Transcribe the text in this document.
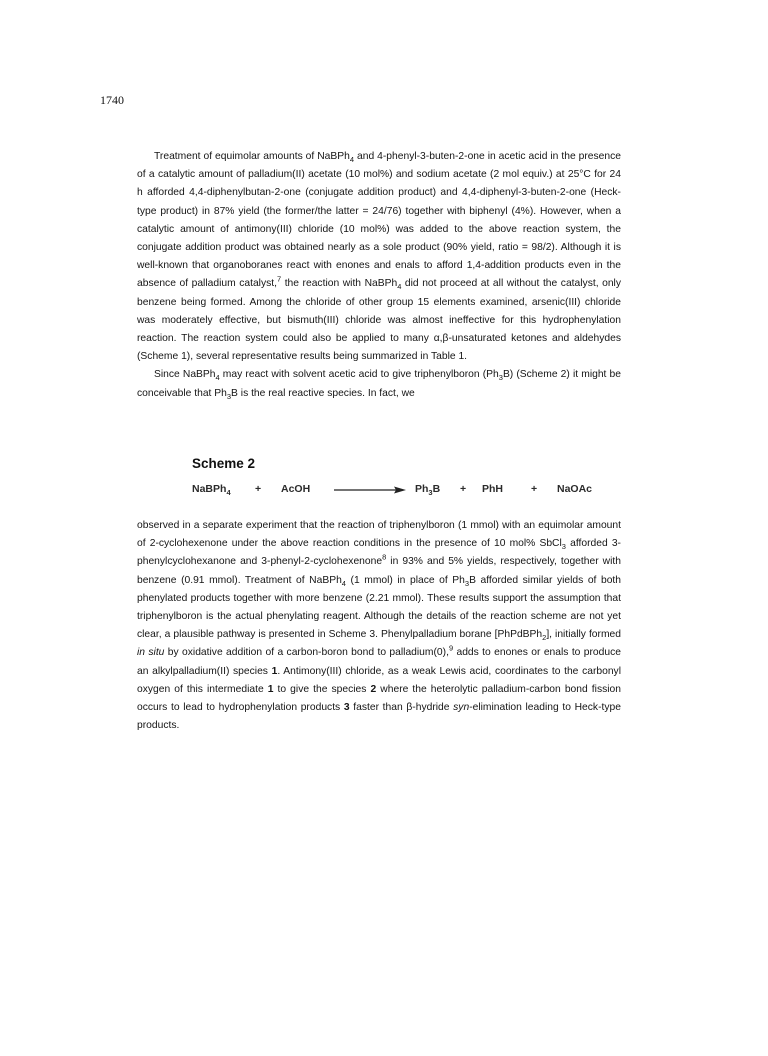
1740

Treatment of equimolar amounts of NaBPh$_4$ and 4-phenyl-3-buten-2-one in acetic acid in the presence of a catalytic amount of palladium(II) acetate (10 mol%) and sodium acetate (2 mol equiv.) at 25°C for 24 h afforded 4,4-diphenylbutan-2-one (conjugate addition product) and 4,4-diphenyl-3-buten-2-one (Heck-type product) in 87% yield (the former/the latter = 24/76) together with biphenyl (4%). However, when a catalytic amount of antimony(III) chloride (10 mol%) was added to the above reaction system, the conjugate addition product was obtained nearly as a sole product (90% yield, ratio = 98/2). Although it is well-known that organoboranes react with enones and enals to afford 1,4-addition products even in the absence of palladium catalyst,$^7$ the reaction with NaBPh$_4$ did not proceed at all without the catalyst, only benzene being formed. Among the chloride of other group 15 elements examined, arsenic(III) chloride was moderately effective, but bismuth(III) chloride was almost ineffective for this hydrophenylation reaction. The reaction system could also be applied to many α,β-unsaturated ketones and aldehydes (Scheme 1), several representative results being summarized in Table 1.

Since NaBPh$_4$ may react with solvent acetic acid to give triphenylboron $(Ph_3B)$ (Scheme 2) it might be conceivable that $Ph_3B$ is the real reactive species. In fact, we

Scheme 2
NaBPh$_4$ + AcOH	$Ph_3B$ + PhH	+ NaOAc

observed in a separate experiment that the reaction of triphenylboron (1 mmol) with an equimolar amount of 2-cyclohexenone under the above reaction conditions in the presence of 10 mol% SbCl$_3$ afforded 3-phenylcyclohexanone and 3-phenyl-2-cyclohexenone$^8$ in 93% and 5% yields, respectively, together with benzene (0.91 mmol). Treatment of NaBPh$_4$ (1 mmol) in place of $Ph_3B$ afforded similar yields of both phenylated products together with more benzene (2.21 mmol). These results support the assumption that triphenylboron is the actual phenylating reagent. Although the details of the reaction scheme are not yet clear, a plausible pathway is presented in Scheme 3. Phenylpalladium borane [PhPdBPh$_2$], initially formed in situ by oxidative addition of a carbon-boron bond to palladium(0),$^9$ adds to enones or enals to produce an alkylpalladium(II) species 1. Antimony(III) chloride, as a weak Lewis acid, coordinates to the carbonyl oxygen of this intermediate 1 to give the species 2 where the heterolytic palladium-carbon bond fission occurs to lead to hydrophenylation products 3 faster than β-hydride syn-elimination leading to Heck-type products.
